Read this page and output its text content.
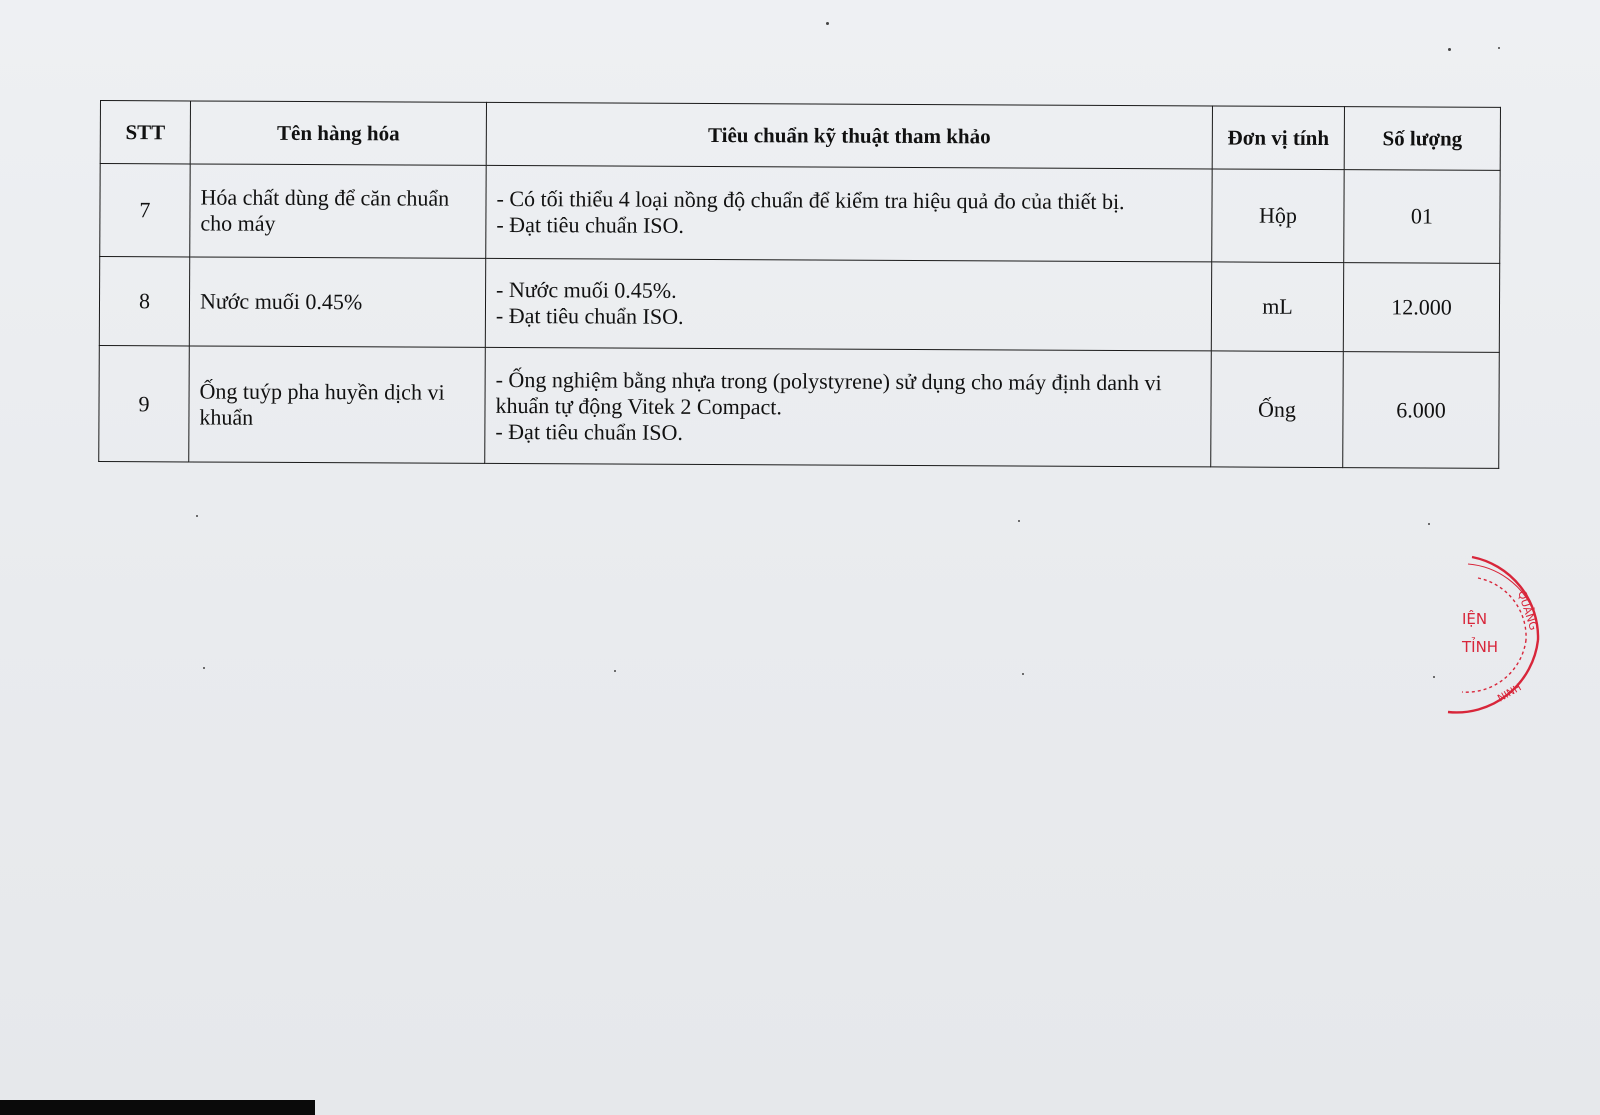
STT	Tên hàng hóa	Tiêu chuẩn kỹ thuật tham khảo	Đơn vị tính	Số lượng
7	Hóa chất dùng để căn chuẩn cho máy	- Có tối thiểu 4 loại nồng độ chuẩn để kiểm tra hiệu quả đo của thiết bị.
- Đạt tiêu chuẩn ISO.	Hộp	01
8	Nước muối 0.45%	- Nước muối 0.45%.
- Đạt tiêu chuẩn ISO.	mL	12.000
9	Ống tuýp pha huyền dịch vi khuẩn	- Ống nghiệm bằng nhựa trong (polystyrene) sử dụng cho máy định danh vi khuẩn tự động Vitek 2 Compact.
- Đạt tiêu chuẩn ISO.	Ống	6.000
IỆN
TỈNH
QUẢNG
NINH
